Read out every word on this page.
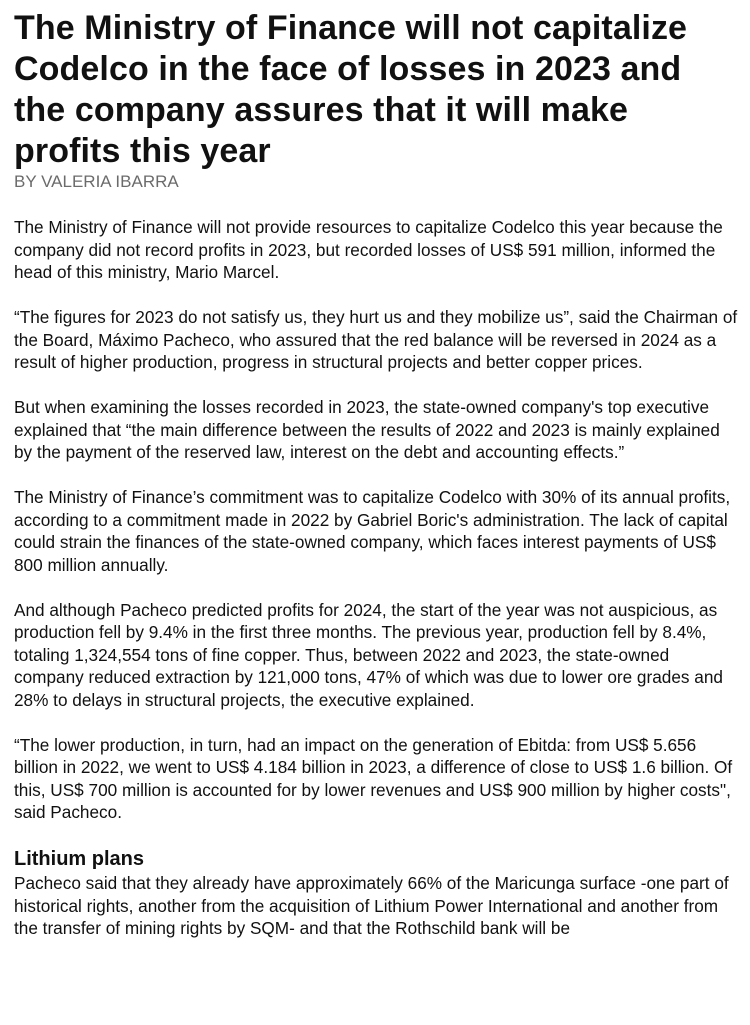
The Ministry of Finance will not capitalize Codelco in the face of losses in 2023 and the company assures that it will make profits this year
BY VALERIA IBARRA

The Ministry of Finance will not provide resources to capitalize Codelco this year because the company did not record profits in 2023, but recorded losses of US$ 591 million, informed the head of this ministry, Mario Marcel.

“The figures for 2023 do not satisfy us, they hurt us and they mobilize us”, said the Chairman of the Board, Máximo Pacheco, who assured that the red balance will be reversed in 2024 as a result of higher production, progress in structural projects and better copper prices.

But when examining the losses recorded in 2023, the state-owned company's top executive explained that “the main difference between the results of 2022 and 2023 is mainly explained by the payment of the reserved law, interest on the debt and accounting effects.”

The Ministry of Finance’s commitment was to capitalize Codelco with 30% of its annual profits, according to a commitment made in 2022 by Gabriel Boric's administration. The lack of capital could strain the finances of the state-owned company, which faces interest payments of US$ 800 million annually.

And although Pacheco predicted profits for 2024, the start of the year was not auspicious, as production fell by 9.4% in the first three months. The previous year, production fell by 8.4%, totaling 1,324,554 tons of fine copper. Thus, between 2022 and 2023, the state-owned company reduced extraction by 121,000 tons, 47% of which was due to lower ore grades and 28% to delays in structural projects, the executive explained.

“The lower production, in turn, had an impact on the generation of Ebitda: from US$ 5.656 billion in 2022, we went to US$ 4.184 billion in 2023, a difference of close to US$ 1.6 billion. Of this, US$ 700 million is accounted for by lower revenues and US$ 900 million by higher costs", said Pacheco.

Lithium plans

Pacheco said that they already have approximately 66% of the Maricunga surface -one part of historical rights, another from the acquisition of Lithium Power International and another from the transfer of mining rights by SQM- and that the Rothschild bank will be
